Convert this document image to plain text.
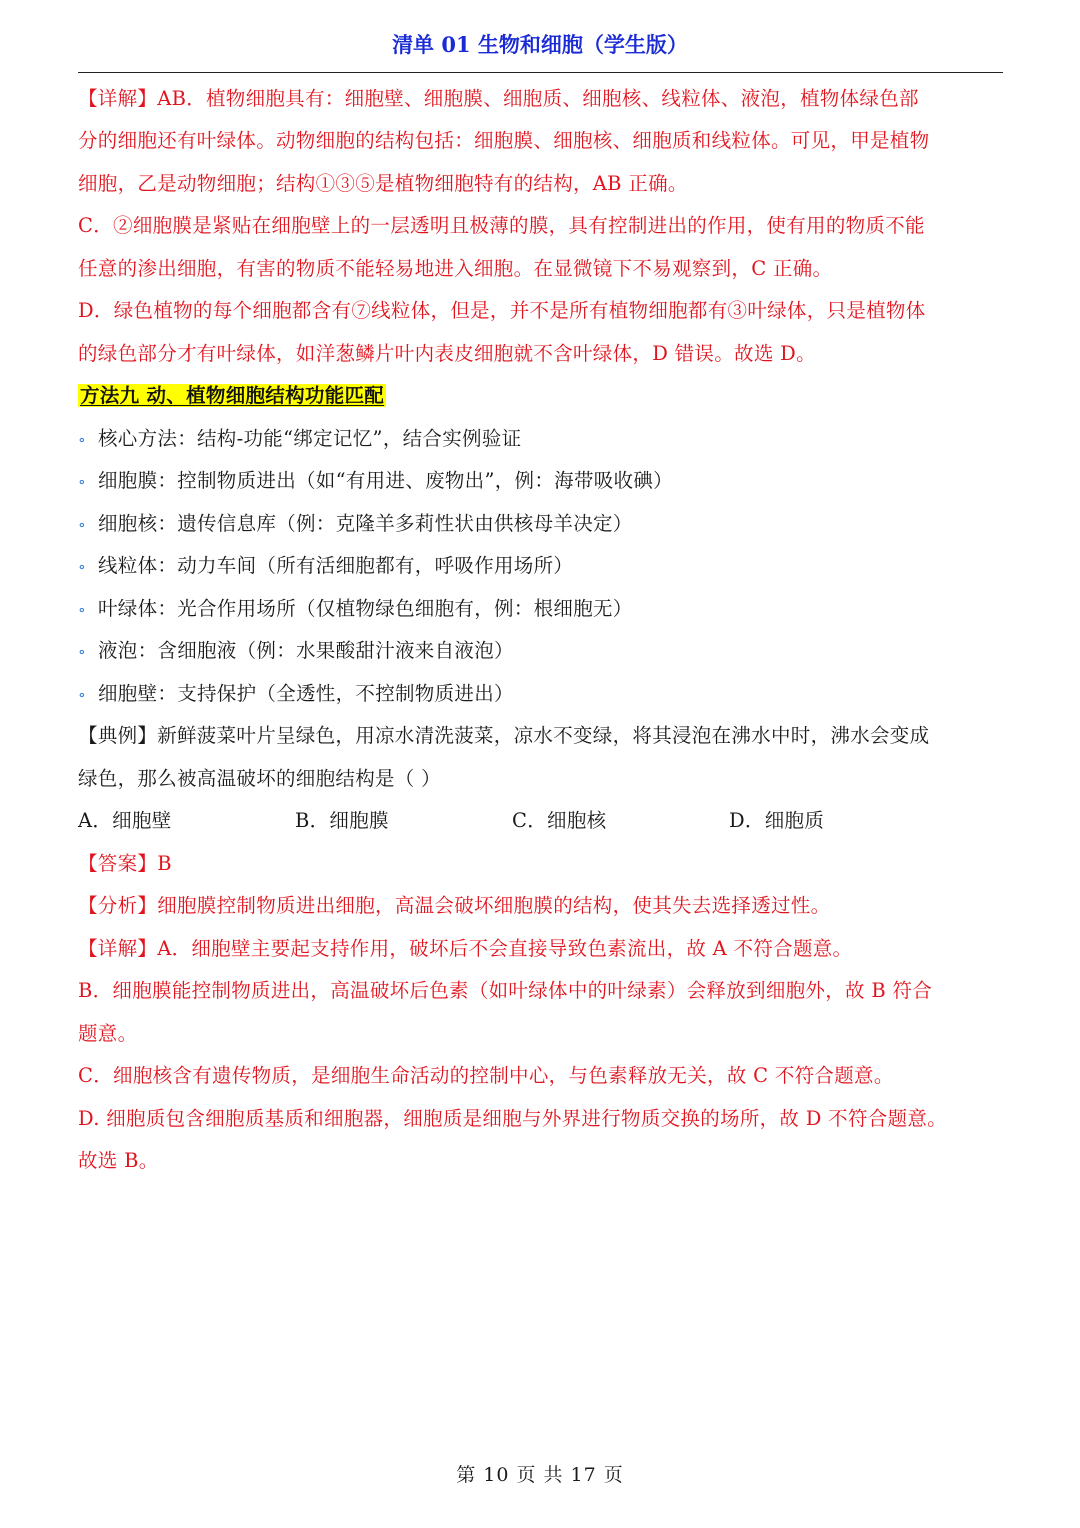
清单 01 生物和细胞（学生版）
【详解】AB．植物细胞具有：细胞壁、细胞膜、细胞质、细胞核、线粒体、液泡，植物体绿色部
分的细胞还有叶绿体。动物细胞的结构包括：细胞膜、细胞核、细胞质和线粒体。可见，甲是植物
细胞，乙是动物细胞；结构①③⑤是植物细胞特有的结构，AB 正确。
C．②细胞膜是紧贴在细胞壁上的一层透明且极薄的膜，具有控制进出的作用，使有用的物质不能
任意的渗出细胞，有害的物质不能轻易地进入细胞。在显微镜下不易观察到，C 正确。
D．绿色植物的每个细胞都含有⑦线粒体，但是，并不是所有植物细胞都有③叶绿体，只是植物体
的绿色部分才有叶绿体，如洋葱鳞片叶内表皮细胞就不含叶绿体，D 错误。故选 D。
方法九 动、植物细胞结构功能匹配
∘ 核心方法：结构-功能“绑定记忆”，结合实例验证
∘ 细胞膜：控制物质进出（如“有用进、废物出”，例：海带吸收碘）
∘ 细胞核：遗传信息库（例：克隆羊多莉性状由供核母羊决定）
∘ 线粒体：动力车间（所有活细胞都有，呼吸作用场所）
∘ 叶绿体：光合作用场所（仅植物绿色细胞有，例：根细胞无）
∘ 液泡：含细胞液（例：水果酸甜汁液来自液泡）
∘ 细胞壁：支持保护（全透性，不控制物质进出）
【典例】新鲜菠菜叶片呈绿色，用凉水清洗菠菜，凉水不变绿，将其浸泡在沸水中时，沸水会变成
绿色，那么被高温破坏的细胞结构是（ ）
A．细胞壁	B．细胞膜	C．细胞核	D．细胞质
【答案】B
【分析】细胞膜控制物质进出细胞，高温会破坏细胞膜的结构，使其失去选择透过性。
【详解】A．细胞壁主要起支持作用，破坏后不会直接导致色素流出，故 A 不符合题意。
B．细胞膜能控制物质进出，高温破坏后色素（如叶绿体中的叶绿素）会释放到细胞外，故 B 符合
题意。
C．细胞核含有遗传物质，是细胞生命活动的控制中心，与色素释放无关，故 C 不符合题意。
D. 细胞质包含细胞质基质和细胞器，细胞质是细胞与外界进行物质交换的场所，故 D 不符合题意。
故选 B。
第 10 页 共 17 页
